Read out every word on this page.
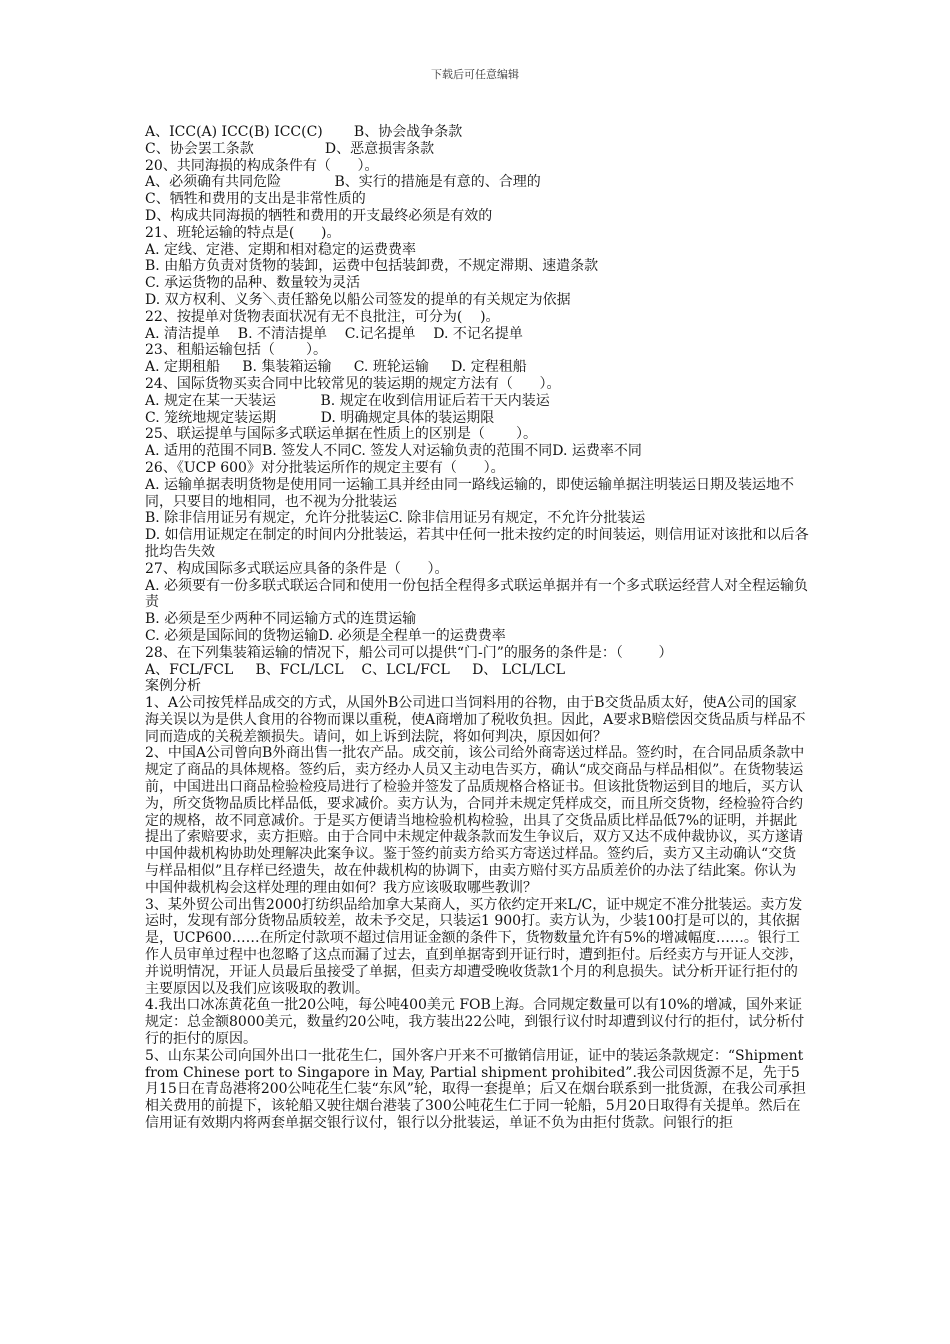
下载后可任意编辑

A、ICC(A) ICC(B) ICC(C)       B、协会战争条款

C、协会罢工条款                D、恶意损害条款

20、共同海损的构成条件有（      ）。

A、必须确有共同危险            B、实行的措施是有意的、合理的

C、牺牲和费用的支出是非常性质的

D、构成共同海损的牺牲和费用的开支最终必须是有效的

21、班轮运输的特点是(      )。

A. 定线、定港、定期和相对稳定的运费费率

B. 由船方负责对货物的装卸，运费中包括装卸费，不规定滞期、速遣条款

C. 承运货物的品种、数量较为灵活

D. 双方权利、义务＼责任豁免以船公司签发的提单的有关规定为依据

22、按提单对货物表面状况有无不良批注，可分为(    )。

A. 清洁提单    B. 不清洁提单    C.记名提单    D. 不记名提单

23、租船运输包括（       ）。

A. 定期租船     B. 集装箱运输     C. 班轮运输     D. 定程租船

24、国际货物买卖合同中比较常见的装运期的规定方法有（      ）。

A. 规定在某一天装运          B. 规定在收到信用证后若干天内装运

C. 笼统地规定装运期          D. 明确规定具体的装运期限

25、联运提单与国际多式联运单据在性质上的区别是（       ）。

A. 适用的范围不同B. 签发人不同C. 签发人对运输负责的范围不同D. 运费率不同

26、《UCP 600》对分批装运所作的规定主要有（      ）。

A. 运输单据表明货物是使用同一运输工具并经由同一路线运输的，即使运输单据注明装运日期及装运地不同，只要目的地相同，也不视为分批装运

B. 除非信用证另有规定，允许分批装运C. 除非信用证另有规定，不允许分批装运

D. 如信用证规定在制定的时间内分批装运，若其中任何一批未按约定的时间装运，则信用证对该批和以后各批均告失效

27、构成国际多式联运应具备的条件是（      ）。

A. 必须要有一份多联式联运合同和使用一份包括全程得多式联运单据并有一个多式联运经营人对全程运输负责

B. 必须是至少两种不同运输方式的连贯运输

C. 必须是国际间的货物运输D. 必须是全程单一的运费费率

28、在下列集装箱运输的情况下，船公司可以提供“门-门”的服务的条件是：（        ）

A、FCL/FCL     B、FCL/LCL    C、LCL/FCL     D、 LCL/LCL

案例分析

1、A公司按凭样品成交的方式，从国外B公司进口当饲料用的谷物，由于B交货品质太好，使A公司的国家海关误以为是供人食用的谷物而课以重税，使A商增加了税收负担。因此，A要求B赔偿因交货品质与样品不同而造成的关税差额损失。请问，如上诉到法院，将如何判决，原因如何？

2、中国A公司曾向B外商出售一批农产品。成交前，该公司给外商寄送过样品。签约时，在合同品质条款中规定了商品的具体规格。签约后，卖方经办人员又主动电告买方，确认“成交商品与样品相似”。在货物装运前，中国进出口商品检验检疫局进行了检验并签发了品质规格合格证书。但该批货物运到目的地后，买方认为，所交货物品质比样品低，要求减价。卖方认为，合同并未规定凭样成交，而且所交货物，经检验符合约定的规格，故不同意减价。于是买方便请当地检验机构检验，出具了交货品质比样品低7%的证明，并据此提出了索赔要求，卖方拒赔。由于合同中未规定仲裁条款而发生争议后，双方又达不成仲裁协议，买方遂请中国仲裁机构协助处理解决此案争议。鉴于签约前卖方给买方寄送过样品。签约后，卖方又主动确认“交货与样品相似”且存样已经遗失，故在仲裁机构的协调下，由卖方赔付买方品质差价的办法了结此案。你认为中国仲裁机构会这样处理的理由如何？我方应该吸取哪些教训？

3、某外贸公司出售2000打纺织品给加拿大某商人，买方依约定开来L/C，证中规定不准分批装运。卖方发运时，发现有部分货物品质较差，故未予交足，只装运1 900打。卖方认为，少装100打是可以的，其依据是，UCP600……在所定付款项不超过信用证金额的条件下，货物数量允许有5%的增减幅度……。银行工作人员审单过程中也忽略了这点而漏了过去，直到单据寄到开证行时，遭到拒付。后经卖方与开证人交涉，并说明情况，开证人员最后虽接受了单据，但卖方却遭受晚收货款1个月的利息损失。试分析开证行拒付的主要原因以及我们应该吸取的教训。

4.我出口冰冻黄花鱼一批20公吨，每公吨400美元 FOB上海。合同规定数量可以有10%的增减，国外来证规定：总金额8000美元，数量约20公吨，我方装出22公吨，到银行议付时却遭到议付行的拒付，试分析付行的拒付的原因。

5、山东某公司向国外出口一批花生仁，国外客户开来不可撤销信用证，证中的装运条款规定：“Shipment from Chinese port to Singapore in May, Partial shipment prohibited”.我公司因货源不足，先于5月15日在青岛港将200公吨花生仁装“东风”轮，取得一套提单；后又在烟台联系到一批货源，在我公司承担相关费用的前提下，该轮船又驶往烟台港装了300公吨花生仁于同一轮船，5月20日取得有关提单。然后在信用证有效期内将两套单据交银行议付，银行以分批装运，单证不负为由拒付货款。问银行的拒
